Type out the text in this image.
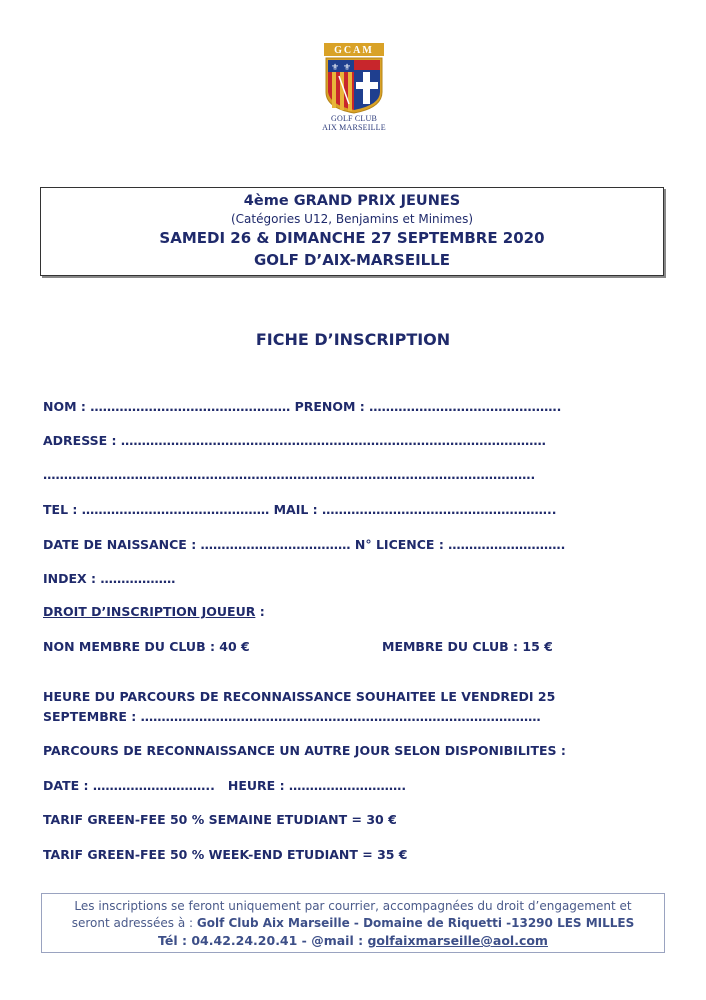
GCAM
⚜ ⚜
GOLF CLUB
AIX MARSEILLE
4ème GRAND PRIX JEUNES
(Catégories U12, Benjamins et Minimes)
SAMEDI 26 & DIMANCHE 27 SEPTEMBRE 2020
GOLF D’AIX-MARSEILLE
FICHE D’INSCRIPTION
NOM : ………………………………………… PRENOM : ……………………………………….
ADRESSE : …………………………………………………………………………………………
……………………………………………………………………………………………………….
TEL : ……………………………………… MAIL : ………………………………………………..
DATE DE NAISSANCE : ……………………………… N° LICENCE : ……………………….
INDEX : ………………
DROIT D’INSCRIPTION JOUEUR :
NON MEMBRE DU CLUB : 40 €	MEMBRE DU CLUB : 15 €
HEURE DU PARCOURS DE RECONNAISSANCE SOUHAITEE LE VENDREDI 25
SEPTEMBRE : ……………………………………………………………………………………
PARCOURS DE RECONNAISSANCE UN AUTRE JOUR SELON DISPONIBILITES :
DATE : ………………………..   HEURE : ……………………….
TARIF GREEN-FEE 50 % SEMAINE ETUDIANT = 30 €
TARIF GREEN-FEE 50 % WEEK-END ETUDIANT = 35 €
Les inscriptions se feront uniquement par courrier, accompagnées du droit d’engagement et
seront adressées à : Golf Club Aix Marseille - Domaine de Riquetti -13290 LES MILLES
Tél : 04.42.24.20.41 - @mail : golfaixmarseille@aol.com
